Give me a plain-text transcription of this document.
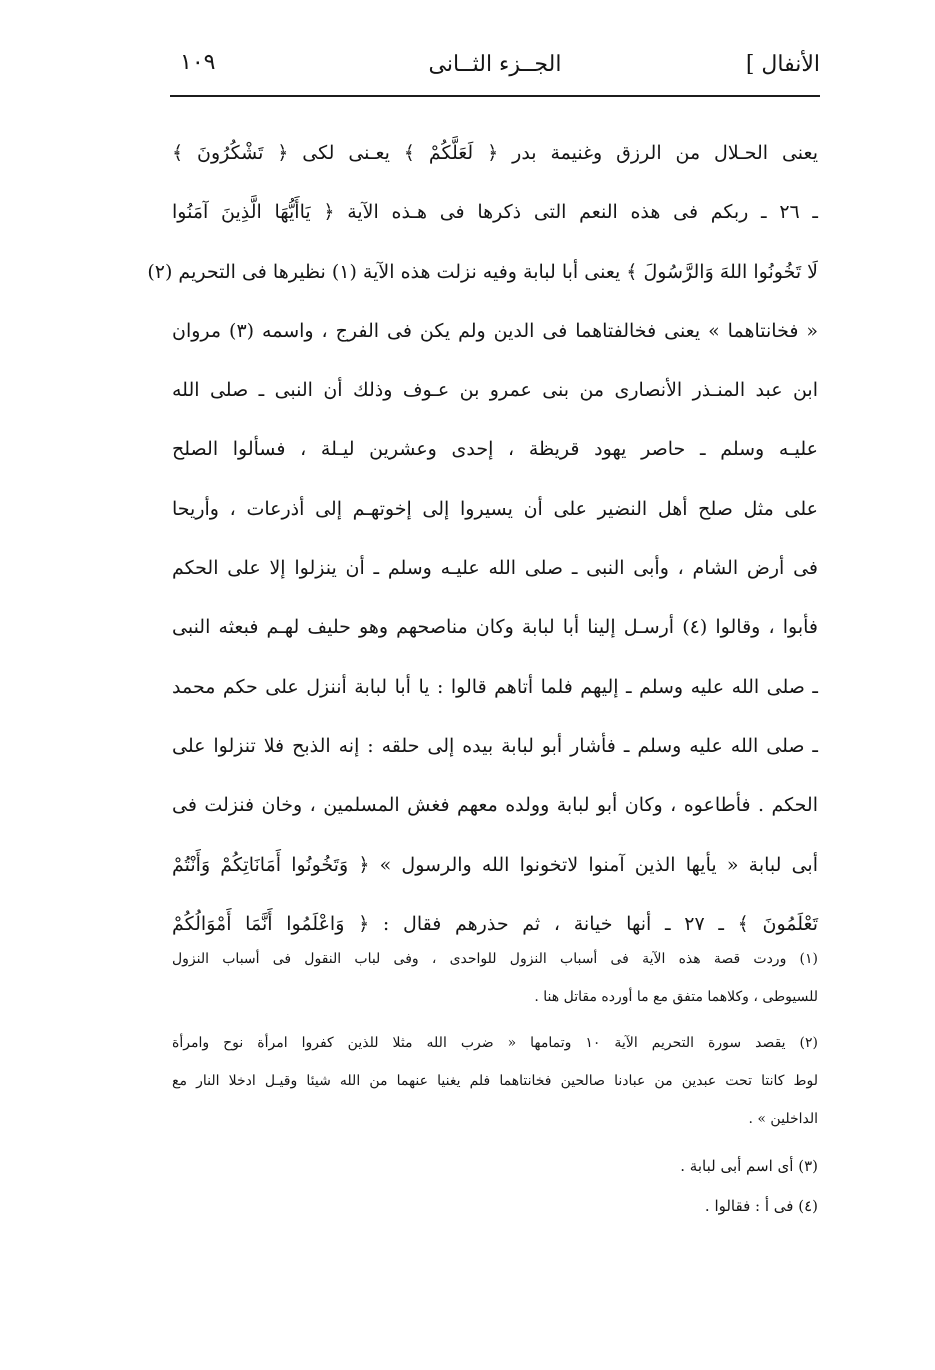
الأنفال ]
الجــزء الثــانى
١٠٩
يعنى الحـلال من الرزق وغنيمة بدر ﴿ لَعَلَّكُمْ ﴾ يعـنى لكى ﴿ تَشْكُرُونَ ﴾
ـ ٢٦ ـ ربكم فى هذه النعم التى ذكرها فى هـذه الآية ﴿ يَاأَيُّهَا الَّذِينَ آمَنُوا
لَا تَخُونُوا اللهَ وَالرَّسُولَ ﴾ يعنى أبا لبابة وفيه نزلت هذه الآية (١) نظيرها فى التحريم (٢)
« فخانتاهما » يعنى فخالفتاهما فى الدين ولم يكن فى الفرج ، واسمه (٣) مروان
ابن عبد المنـذر الأنصارى من بنى عمرو بن عـوف وذلك أن النبى ـ صلى الله
عليـه وسلم ـ حاصر يهود قريظة ، إحدى وعشرين ليـلة ، فسألوا الصلح
على مثل صلح أهل النضير على أن يسيروا إلى إخوتهـم إلى أذرعات ، وأريحا
فى أرض الشام ، وأبى النبى ـ صلى الله عليـه وسلم ـ أن ينزلوا إلا على الحكم
فأبوا ، وقالوا (٤) أرسـل إلينا أبا لبابة وكان مناصحهم وهو حليف لهـم فبعثه النبى
ـ صلى الله عليه وسلم ـ إليهم فلما أتاهم قالوا : يا أبا لبابة أننزل على حكم محمد
ـ صلى الله عليه وسلم ـ فأشار أبو لبابة بيده إلى حلقه : إنه الذبح فلا تنزلوا على
الحكم . فأطاعوه ، وكان أبو لبابة وولده معهم فغش المسلمين ، وخان فنزلت فى
أبى لبابة « يأيها الذين آمنوا لاتخونوا الله والرسول » ﴿ وَتَخُونُوا أَمَانَاتِكُمْ وَأَنْتُمْ
تَعْلَمُونَ ﴾ ـ ٢٧ ـ أنها خيانة ، ثم حذرهم فقال : ﴿ وَاعْلَمُوا أَنَّمَا أَمْوَالُكُمْ
(١) وردت قصة هذه الآية فى أسباب النزول للواحدى ، وفى لباب النقول فى أسباب النزول
للسيوطى ، وكلاهما متفق مع ما أورده مقاتل هنا .
(٢) يقصد سورة التحريم الآية ١٠ وتمامها « ضرب الله مثلا للذين كفروا امرأة نوح وامرأة
لوط كانتا تحت عبدين من عبادنا صالحين فخانتاهما فلم يغنيا عنهما من الله شيئا وقيـل ادخلا النار مع
الداخلين » .
(٣) أى اسم أبى لبابة .
(٤) فى أ : فقالوا .
